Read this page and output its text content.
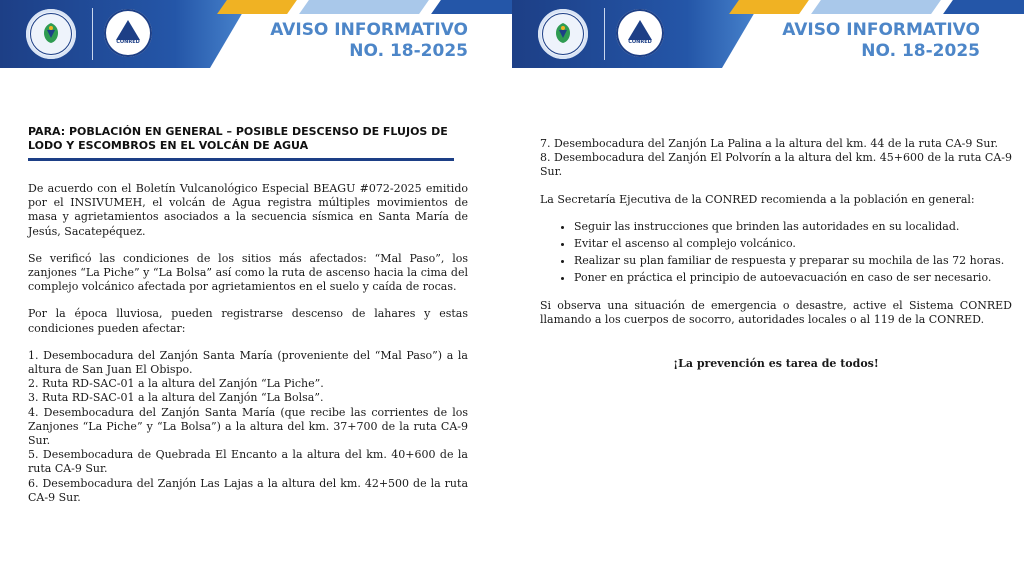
CONRED
AVISO INFORMATIVO
NO. 18-2025
PARA: POBLACIÓN EN GENERAL – POSIBLE DESCENSO DE FLUJOS DE LODO Y ESCOMBROS EN EL VOLCÁN DE AGUA

De acuerdo con el Boletín Vulcanológico Especial BEAGU #072-2025 emitido por el INSIVUMEH, el volcán de Agua registra múltiples movimientos de masa y agrietamientos asociados a la secuencia sísmica en Santa María de Jesús, Sacatepéquez.

Se verificó las condiciones de los sitios más afectados: “Mal Paso”, los zanjones “La Piche” y “La Bolsa” así como la ruta de ascenso hacia la cima del complejo volcánico afectada por agrietamientos en el suelo y caída de rocas.

Por la época lluviosa, pueden registrarse descenso de lahares y estas condiciones pueden afectar:

1. Desembocadura del Zanjón Santa María (proveniente del “Mal Paso”) a la altura de San Juan El Obispo.

2. Ruta RD-SAC-01 a la altura del Zanjón “La Piche”.

3. Ruta RD-SAC-01 a la altura del Zanjón “La Bolsa”.

4. Desembocadura del Zanjón Santa María (que recibe las corrientes de los Zanjones “La Piche” y “La Bolsa”) a la altura del km. 37+700 de la ruta CA-9 Sur.

5. Desembocadura de Quebrada El Encanto a la altura del km. 40+600 de la ruta CA-9 Sur.

6. Desembocadura del Zanjón Las Lajas a la altura del km. 42+500 de la ruta CA-9 Sur.

CONRED
AVISO INFORMATIVO
NO. 18-2025

7. Desembocadura del Zanjón La Palina a la altura del km. 44 de la ruta CA-9 Sur.

8. Desembocadura del Zanjón El Polvorín a la altura del km. 45+600 de la ruta CA-9 Sur.

La Secretaría Ejecutiva de la CONRED recomienda a la población en general:

• Seguir las instrucciones que brinden las autoridades en su localidad.
• Evitar el ascenso al complejo volcánico.
• Realizar su plan familiar de respuesta y preparar su mochila de las 72 horas.
• Poner en práctica el principio de autoevacuación en caso de ser necesario.

Si observa una situación de emergencia o desastre, active el Sistema CONRED llamando a los cuerpos de socorro, autoridades locales o al 119 de la CONRED.

¡La prevención es tarea de todos!
